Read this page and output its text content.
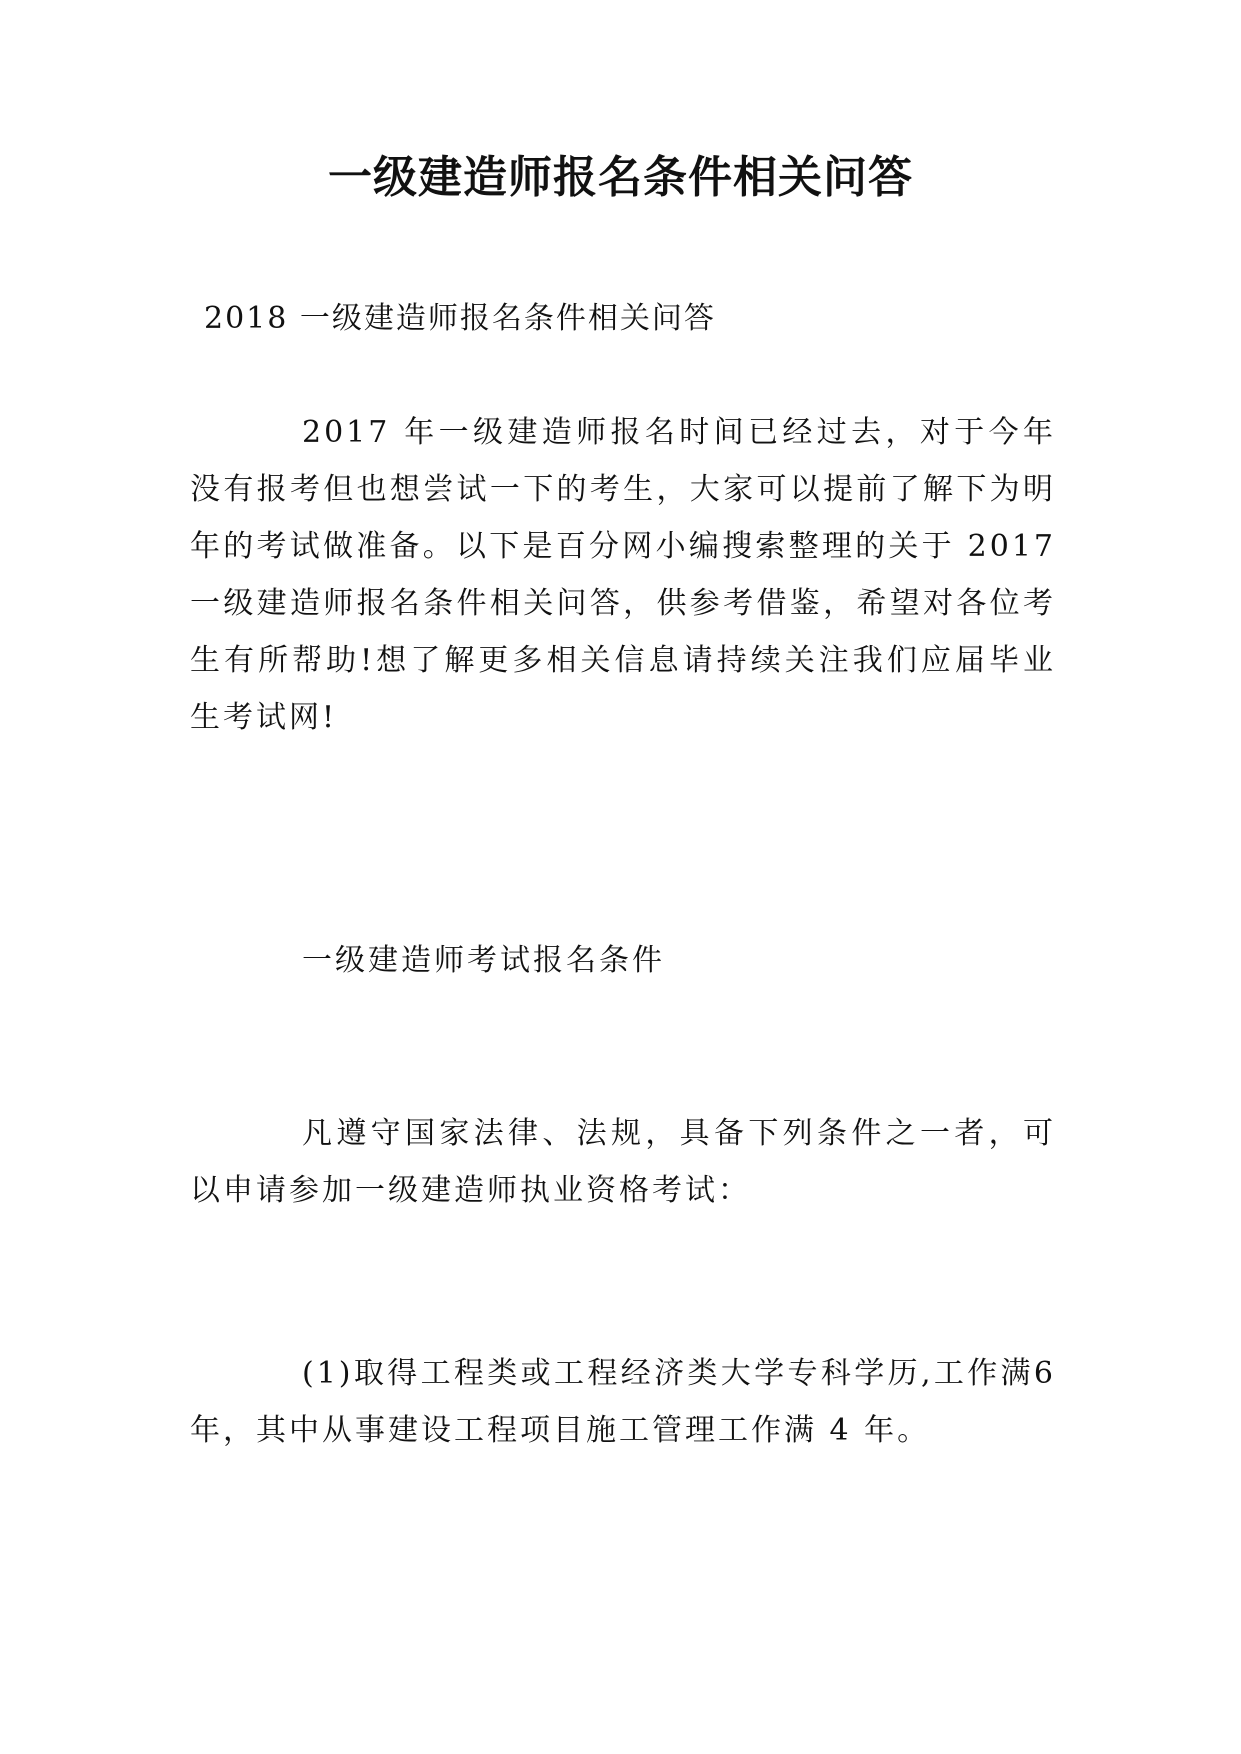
一级建造师报名条件相关问答

2018 一级建造师报名条件相关问答

2017 年一级建造师报名时间已经过去，对于今年没有报考但也想尝试一下的考生，大家可以提前了解下为明年的考试做准备。以下是百分网小编搜索整理的关于 2017 一级建造师报名条件相关问答，供参考借鉴，希望对各位考生有所帮助!想了解更多相关信息请持续关注我们应届毕业生考试网!

一级建造师考试报名条件

凡遵守国家法律、法规，具备下列条件之一者，可以申请参加一级建造师执业资格考试：

(1)取得工程类或工程经济类大学专科学历,工作满6年，其中从事建设工程项目施工管理工作满 4 年。
